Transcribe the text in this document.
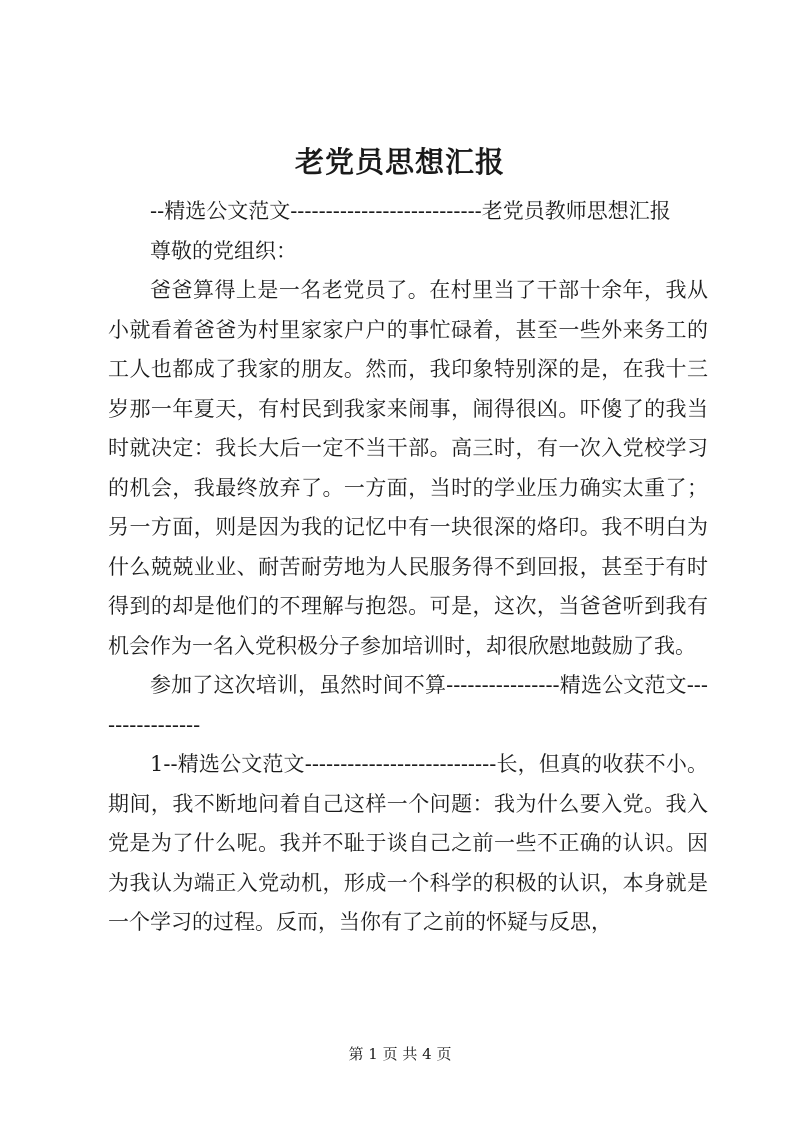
老党员思想汇报

--精选公文范文---------------------------老党员教师思想汇报

尊敬的党组织：

爸爸算得上是一名老党员了。在村里当了干部十余年，我从小就看着爸爸为村里家家户户的事忙碌着，甚至一些外来务工的工人也都成了我家的朋友。然而，我印象特别深的是，在我十三岁那一年夏天，有村民到我家来闹事，闹得很凶。吓傻了的我当时就决定：我长大后一定不当干部。高三时，有一次入党校学习的机会，我最终放弃了。一方面，当时的学业压力确实太重了；另一方面，则是因为我的记忆中有一块很深的烙印。我不明白为什么兢兢业业、耐苦耐劳地为人民服务得不到回报，甚至于有时得到的却是他们的不理解与抱怨。可是，这次，当爸爸听到我有机会作为一名入党积极分子参加培训时，却很欣慰地鼓励了我。

参加了这次培训，虽然时间不算----------------精选公文范文----------------

1--精选公文范文---------------------------长，但真的收获不小。期间，我不断地问着自己这样一个问题：我为什么要入党。我入党是为了什么呢。我并不耻于谈自己之前一些不正确的认识。因为我认为端正入党动机，形成一个科学的积极的认识，本身就是一个学习的过程。反而，当你有了之前的怀疑与反思，

第 1 页 共 4 页
